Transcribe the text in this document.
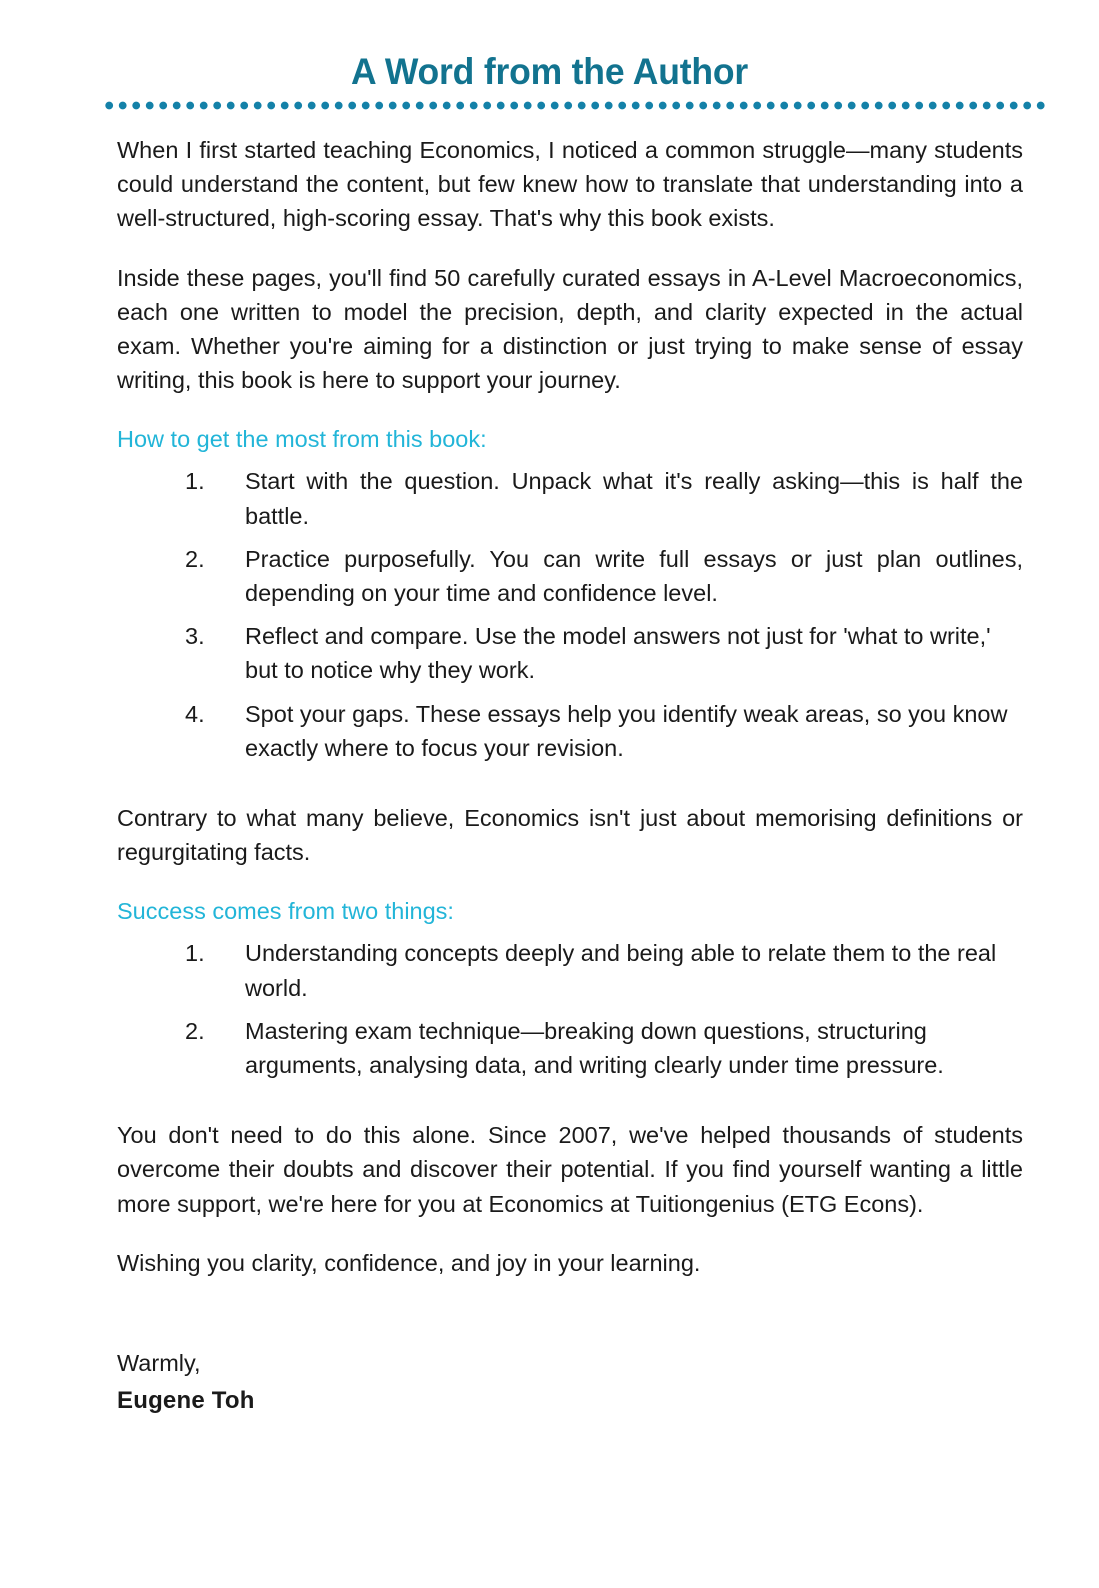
A Word from the Author

When I first started teaching Economics, I noticed a common struggle—many students could understand the content, but few knew how to translate that understanding into a well-structured, high-scoring essay. That's why this book exists.

Inside these pages, you'll find 50 carefully curated essays in A-Level Macroeconomics, each one written to model the precision, depth, and clarity expected in the actual exam. Whether you're aiming for a distinction or just trying to make sense of essay writing, this book is here to support your journey.

How to get the most from this book:
1.	Start with the question. Unpack what it's really asking—this is half the battle.
2.	Practice purposefully. You can write full essays or just plan outlines, depending on your time and confidence level.
3.	Reflect and compare. Use the model answers not just for 'what to write,' but to notice why they work.
4.	Spot your gaps. These essays help you identify weak areas, so you know exactly where to focus your revision.

Contrary to what many believe, Economics isn't just about memorising definitions or regurgitating facts.

Success comes from two things:
1.	Understanding concepts deeply and being able to relate them to the real world.
2.	Mastering exam technique—breaking down questions, structuring arguments, analysing data, and writing clearly under time pressure.

You don't need to do this alone. Since 2007, we've helped thousands of students overcome their doubts and discover their potential. If you find yourself wanting a little more support, we're here for you at Economics at Tuitiongenius (ETG Econs).

Wishing you clarity, confidence, and joy in your learning.

Warmly,

Eugene Toh
